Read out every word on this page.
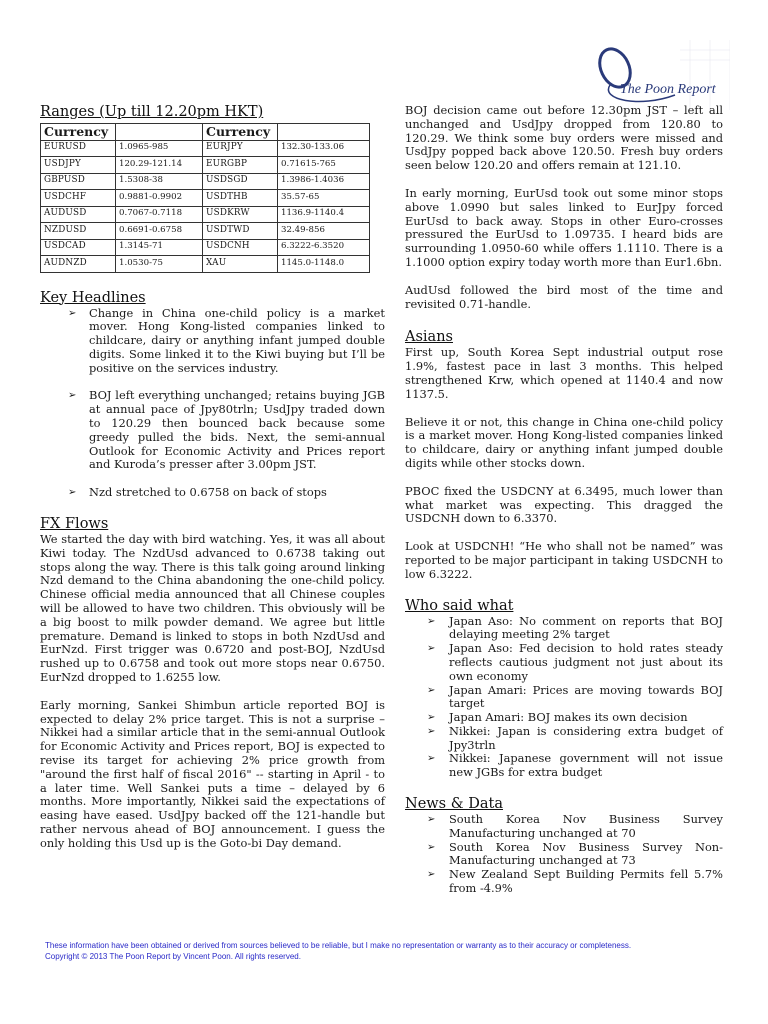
The Poon Report
Ranges (Up till 12.20pm HKT)
Currency		Currency	
EURUSD	1.0965-985	EURJPY	132.30-133.06
USDJPY	120.29-121.14	EURGBP	0.71615-765
GBPUSD	1.5308-38	USDSGD	1.3986-1.4036
USDCHF	0.9881-0.9902	USDTHB	35.57-65
AUDUSD	0.7067-0.7118	USDKRW	1136.9-1140.4
NZDUSD	0.6691-0.6758	USDTWD	32.49-856
USDCAD	1.3145-71	USDCNH	6.3222-6.3520
AUDNZD	1.0530-75	XAU	1145.0-1148.0
Key Headlines
➢ Change in China one-child policy is a market mover. Hong Kong-listed companies linked to childcare, dairy or anything infant jumped double digits. Some linked it to the Kiwi buying but I’ll be positive on the services industry.
➢ BOJ left everything unchanged; retains buying JGB at annual pace of Jpy80trln; UsdJpy traded down to 120.29 then bounced back because some greedy pulled the bids. Next, the semi-annual Outlook for Economic Activity and Prices report and Kuroda’s presser after 3.00pm JST.
➢ Nzd stretched to 0.6758 on back of stops
FX Flows

We started the day with bird watching. Yes, it was all about Kiwi today. The NzdUsd advanced to 0.6738 taking out stops along the way. There is this talk going around linking Nzd demand to the China abandoning the one-child policy. Chinese official media announced that all Chinese couples will be allowed to have two children. This obviously will be a big boost to milk powder demand. We agree but little premature. Demand is linked to stops in both NzdUsd and EurNzd. First trigger was 0.6720 and post-BOJ, NzdUsd rushed up to 0.6758 and took out more stops near 0.6750. EurNzd dropped to 1.6255 low.

Early morning, Sankei Shimbun article reported BOJ is expected to delay 2% price target. This is not a surprise – Nikkei had a similar article that in the semi-annual Outlook for Economic Activity and Prices report, BOJ is expected to revise its target for achieving 2% price growth from "around the first half of fiscal 2016" -- starting in April - to a later time. Well Sankei puts a time – delayed by 6 months. More importantly, Nikkei said the expectations of easing have eased. UsdJpy backed off the 121-handle but rather nervous ahead of BOJ announcement. I guess the only holding this Usd up is the Goto-bi Day demand.

BOJ decision came out before 12.30pm JST – left all unchanged and UsdJpy dropped from 120.80 to 120.29. We think some buy orders were missed and UsdJpy popped back above 120.50. Fresh buy orders seen below 120.20 and offers remain at 121.10.

In early morning, EurUsd took out some minor stops above 1.0990 but sales linked to EurJpy forced EurUsd to back away. Stops in other Euro-crosses pressured the EurUsd to 1.09735. I heard bids are surrounding 1.0950-60 while offers 1.1110. There is a 1.1000 option expiry today worth more than Eur1.6bn.

AudUsd followed the bird most of the time and revisited 0.71-handle.

Asians

First up, South Korea Sept industrial output rose 1.9%, fastest pace in last 3 months. This helped strengthened Krw, which opened at 1140.4 and now 1137.5.

Believe it or not, this change in China one-child policy is a market mover. Hong Kong-listed companies linked to childcare, dairy or anything infant jumped double digits while other stocks down.

PBOC fixed the USDCNY at 6.3495, much lower than what market was expecting. This dragged the USDCNH down to 6.3370.

Look at USDCNH! “He who shall not be named” was reported to be major participant in taking USDCNH to low 6.3222.

Who said what
➢ Japan Aso: No comment on reports that BOJ delaying meeting 2% target
➢ Japan Aso: Fed decision to hold rates steady reflects cautious judgment not just about its own economy
➢ Japan Amari: Prices are moving towards BOJ target
➢ Japan Amari: BOJ makes its own decision
➢ Nikkei: Japan is considering extra budget of Jpy3trln
➢ Nikkei: Japanese government will not issue new JGBs for extra budget
News & Data
➢ South Korea Nov Business Survey Manufacturing unchanged at 70
➢ South Korea Nov Business Survey Non-Manufacturing unchanged at 73
➢ New Zealand Sept Building Permits fell 5.7% from -4.9%
These information have been obtained or derived from sources believed to be reliable, but I make no representation or warranty as to their accuracy or completeness.
Copyright © 2013 The Poon Report by Vincent Poon. All rights reserved.
